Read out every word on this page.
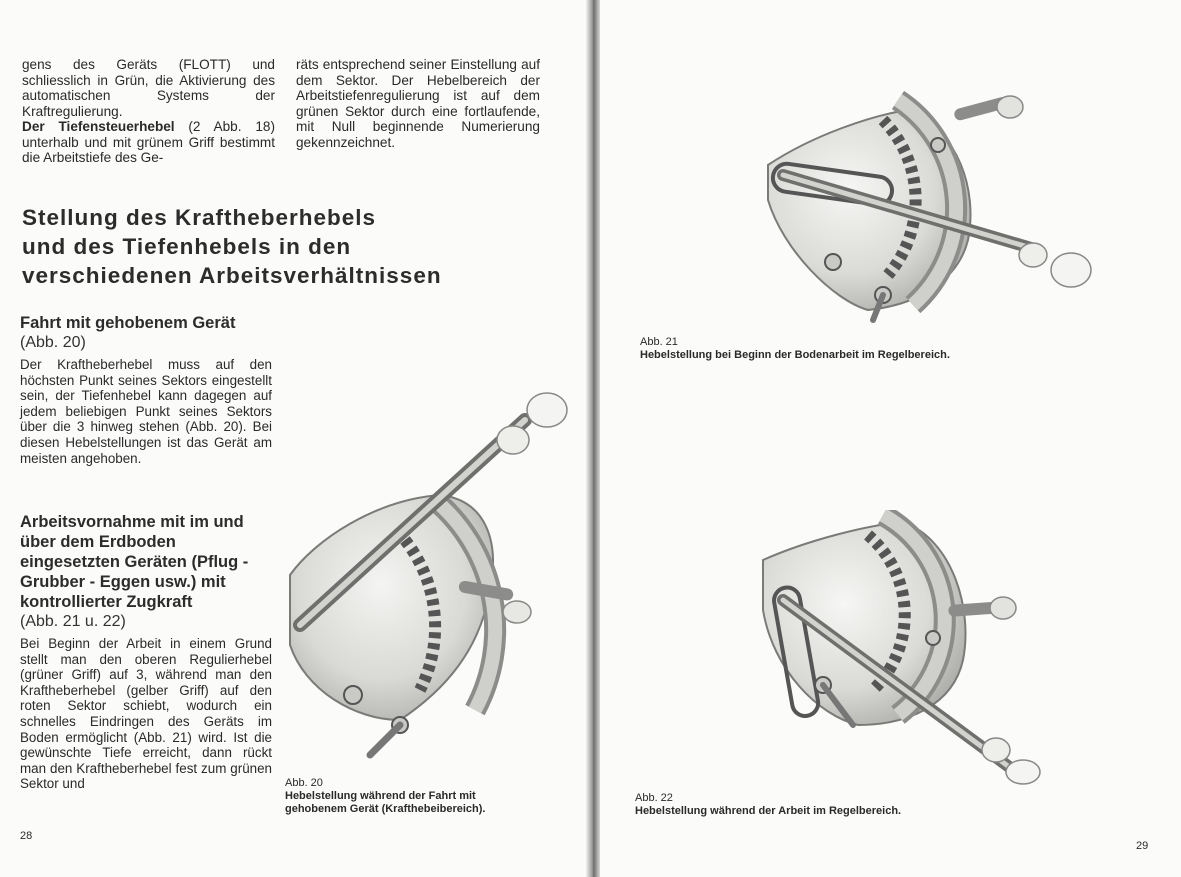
gens des Geräts (FLOTT) und schliesslich in Grün, die Aktivierung des automatischen Systems der Kraftregulierung.

Der Tiefensteuerhebel (2 Abb. 18) unterhalb und mit grünem Griff bestimmt die Arbeitstiefe des Ge-

räts entsprechend seiner Einstellung auf dem Sektor. Der Hebelbereich der Arbeitstiefenregulierung ist auf dem grünen Sektor durch eine fortlaufende, mit Null beginnende Numerierung gekennzeichnet.

Stellung des Kraftheberhebels
und des Tiefenhebels in den
verschiedenen Arbeitsverhältnissen
Fahrt mit gehobenem Gerät
(Abb. 20)
Der Kraftheberhebel muss auf den höchsten Punkt seines Sektors eingestellt sein, der Tiefenhebel kann dagegen auf jedem beliebigen Punkt seines Sektors über die 3 hinweg stehen (Abb. 20). Bei diesen Hebelstellungen ist das Gerät am meisten angehoben.
Arbeitsvornahme mit im und über dem Erdboden eingesetzten Geräten (Pflug - Grubber - Eggen usw.) mit kontrollierter Zugkraft
(Abb. 21 u. 22)
Bei Beginn der Arbeit in einem Grund stellt man den oberen Regulierhebel (grüner Griff) auf 3, während man den Kraftheberhebel (gelber Griff) auf den roten Sektor schiebt, wodurch ein schnelles Eindringen des Geräts im Boden ermöglicht (Abb. 21) wird. Ist die gewünschte Tiefe erreicht, dann rückt man den Kraftheberhebel fest zum grünen Sektor und	Abb. 20
Hebelstellung während der Fahrt mit gehobenem Gerät (Krafthebeibereich).
28
Abb. 21
Hebelstellung bei Beginn der Bodenarbeit im Regelbereich.
Abb. 22
Hebelstellung während der Arbeit im Regelbereich.
29
